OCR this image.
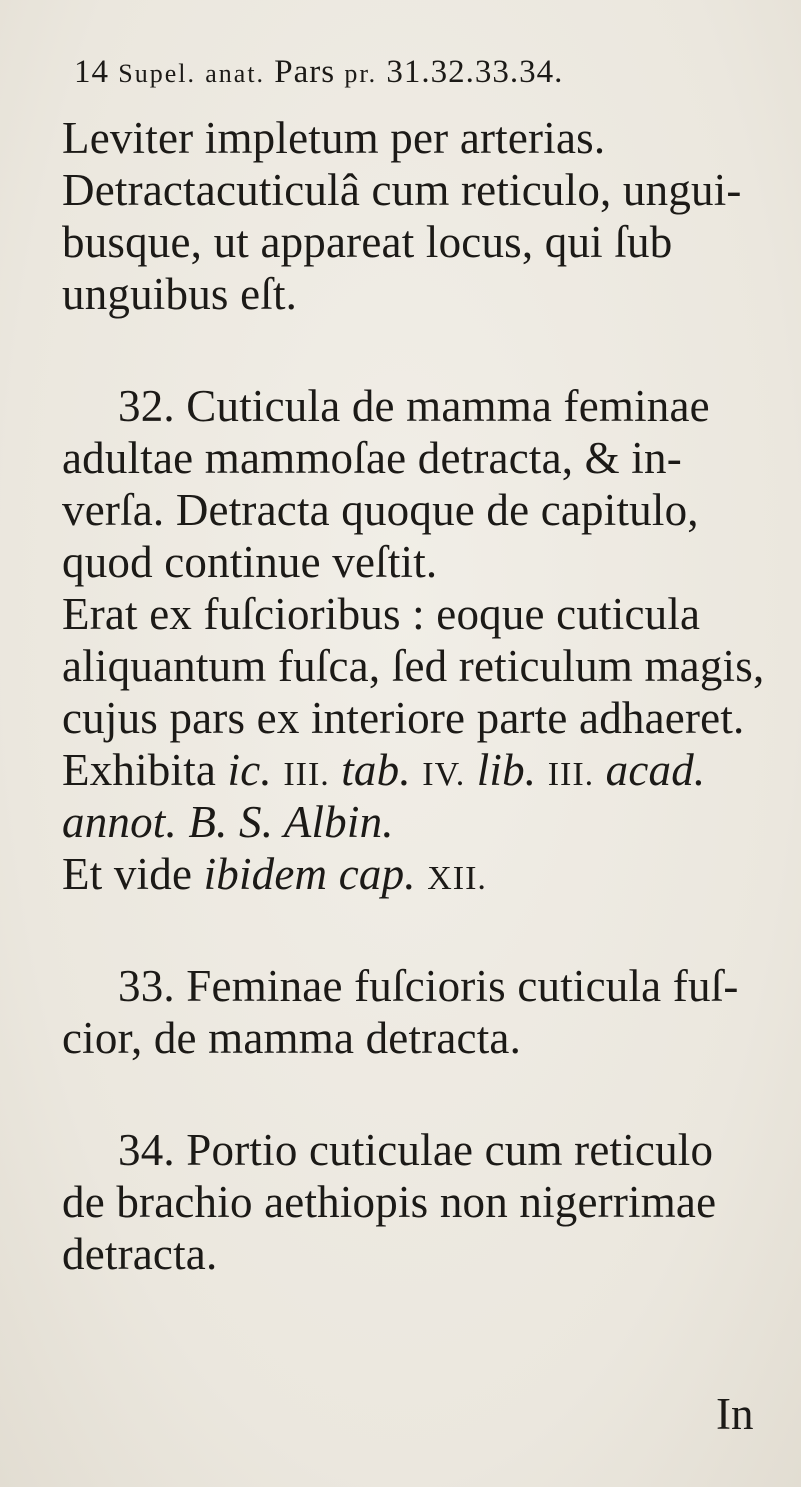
14 Supel. anat. Pars pr. 31.32.33.34.
Leviter impletum per arterias.
Detractacuticulâ cum reticulo, ungui-
busque, ut appareat locus, qui ſub
unguibus eſt.
32. Cuticula de mamma feminae
adultae mammoſae detracta, & in-
verſa. Detracta quoque de capitulo,
quod continue veſtit.
Erat ex fuſcioribus : eoque cuticula
aliquantum fuſca, ſed reticulum magis,
cujus pars ex interiore parte adhaeret.
Exhibita ic. III. tab. IV. lib. III. acad.
annot. B. S. Albin.
Et vide ibidem cap. XII.
33. Feminae fuſcioris cuticula fuſ-
cior, de mamma detracta.
34. Portio cuticulae cum reticulo
de brachio aethiopis non nigerrimae
detracta.
In
